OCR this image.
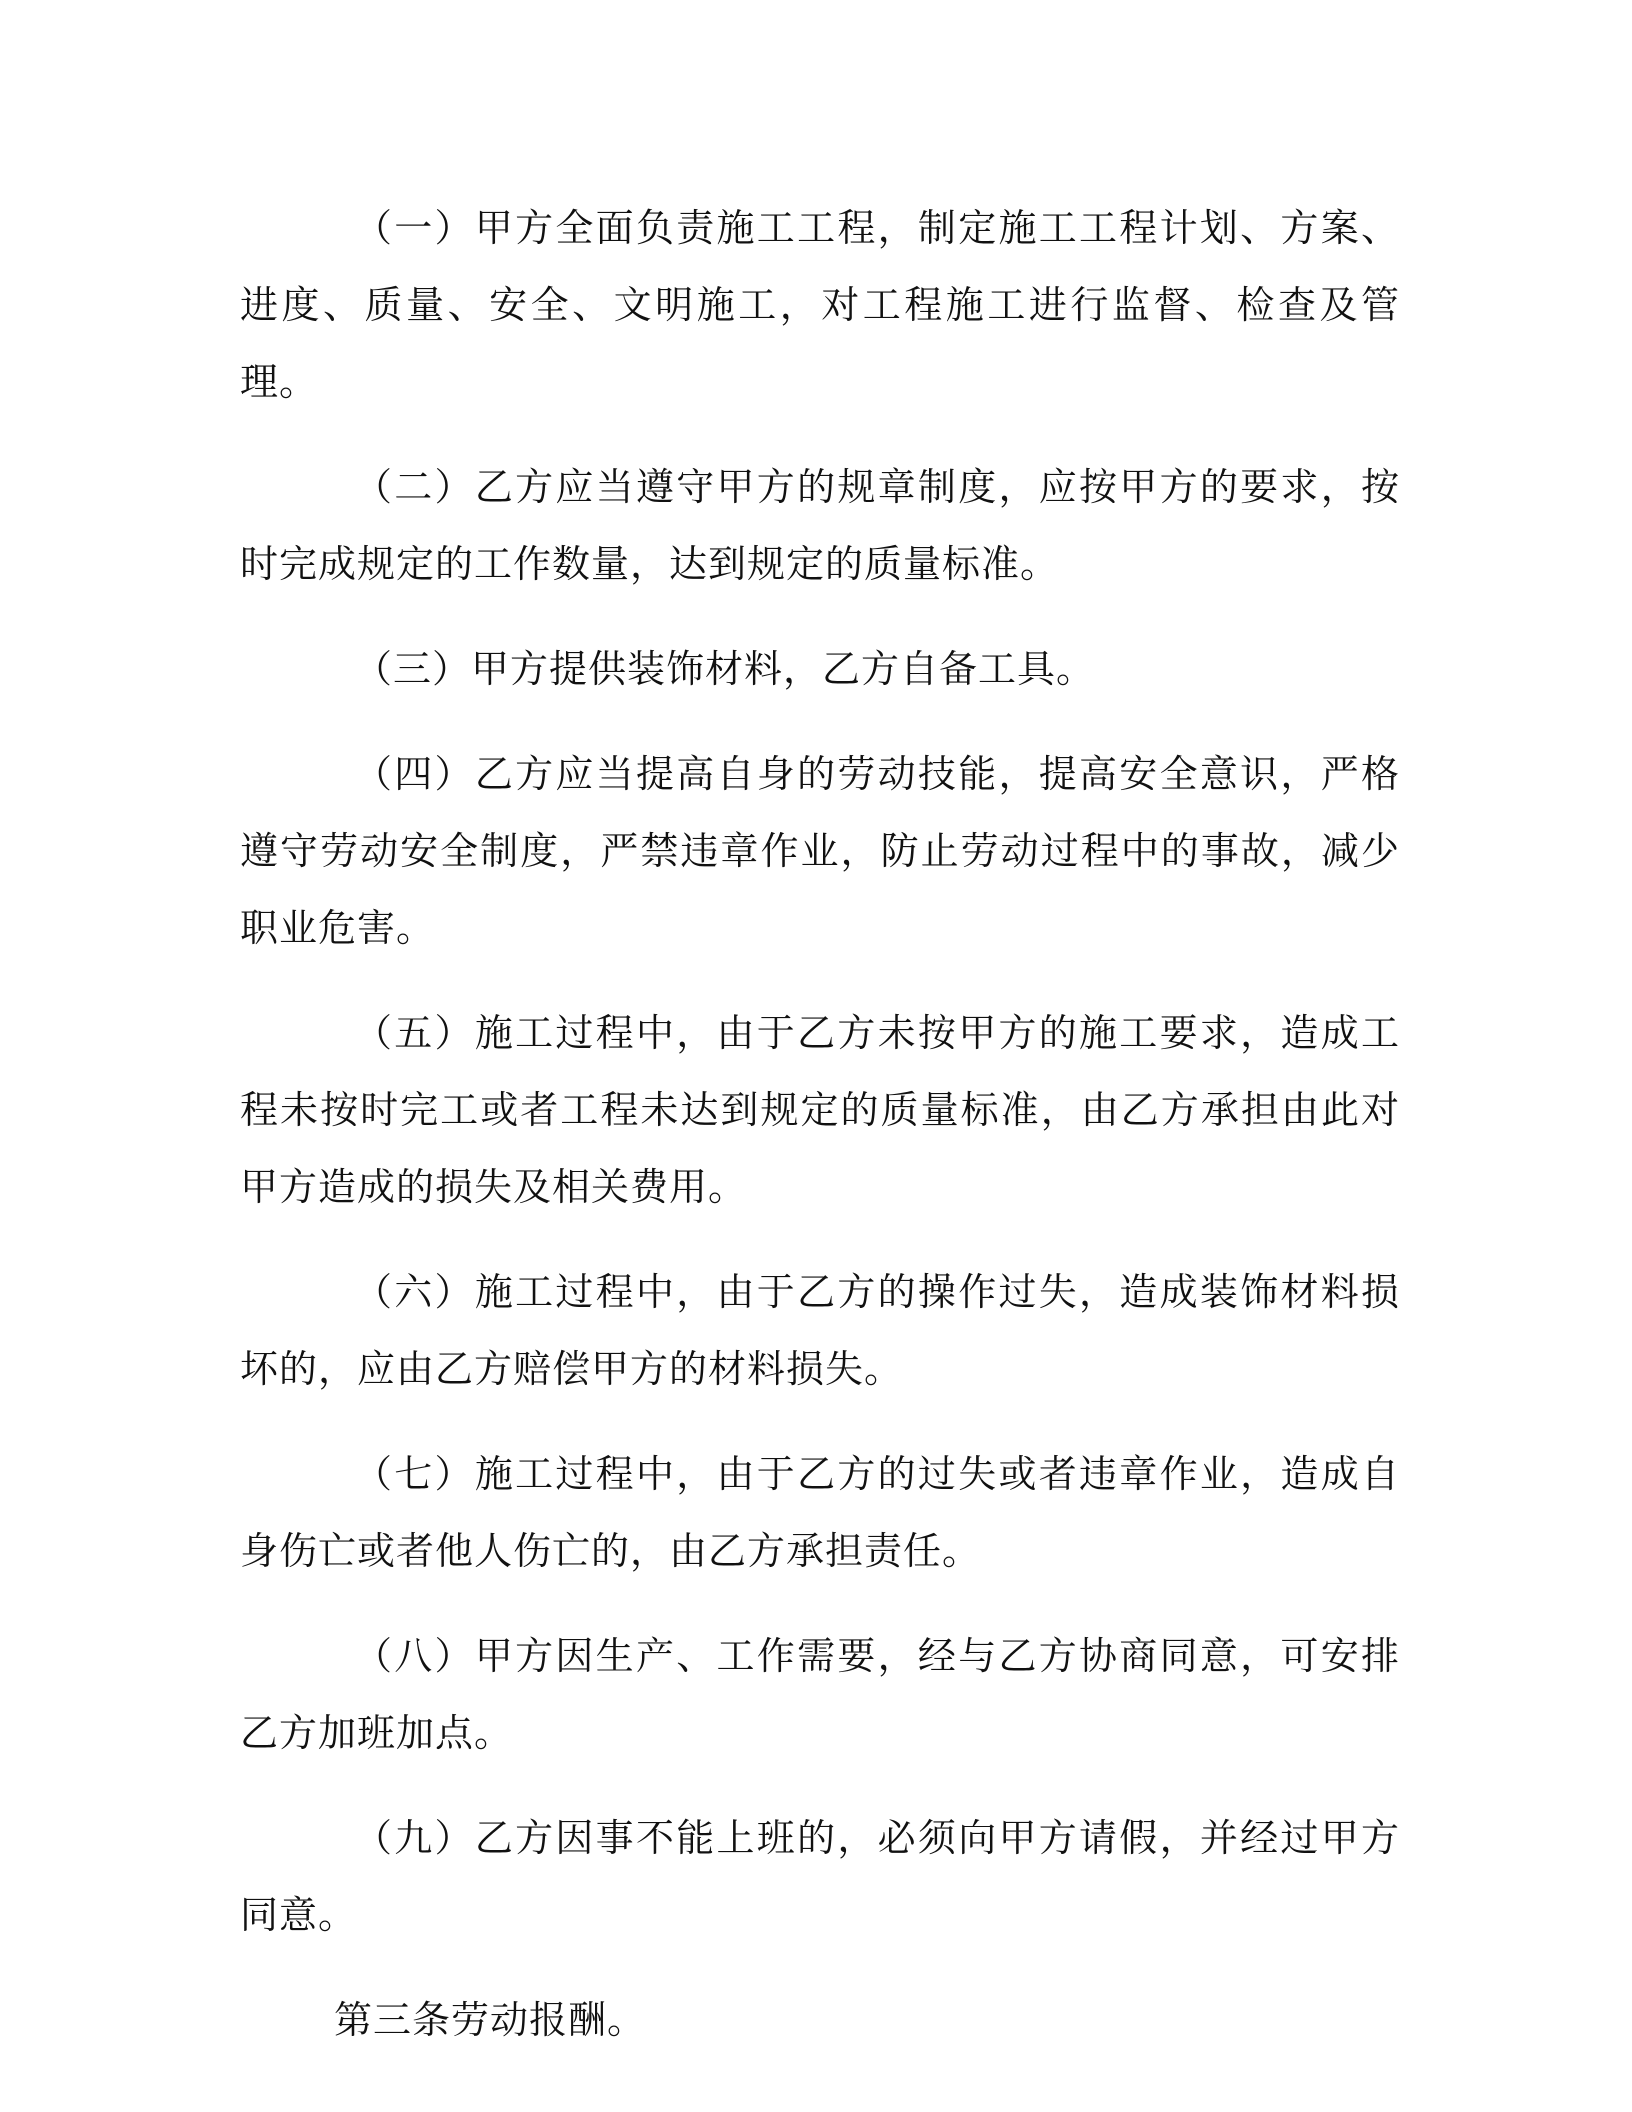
（一）甲方全面负责施工工程，制定施工工程计划、方案、进度、质量、安全、文明施工，对工程施工进行监督、检查及管理。

（二）乙方应当遵守甲方的规章制度，应按甲方的要求，按时完成规定的工作数量，达到规定的质量标准。

（三）甲方提供装饰材料，乙方自备工具。

（四）乙方应当提高自身的劳动技能，提高安全意识，严格遵守劳动安全制度，严禁违章作业，防止劳动过程中的事故，减少职业危害。

（五）施工过程中，由于乙方未按甲方的施工要求，造成工程未按时完工或者工程未达到规定的质量标准，由乙方承担由此对甲方造成的损失及相关费用。

（六）施工过程中，由于乙方的操作过失，造成装饰材料损坏的，应由乙方赔偿甲方的材料损失。

（七）施工过程中，由于乙方的过失或者违章作业，造成自身伤亡或者他人伤亡的，由乙方承担责任。

（八）甲方因生产、工作需要，经与乙方协商同意，可安排乙方加班加点。

（九）乙方因事不能上班的，必须向甲方请假，并经过甲方同意。

第三条劳动报酬。
